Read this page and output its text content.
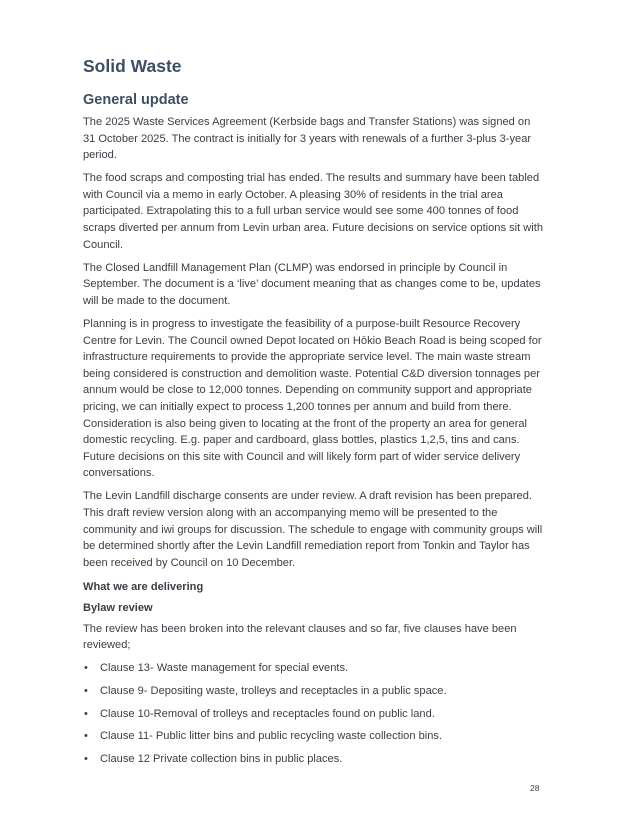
Solid Waste
General update

The 2025 Waste Services Agreement (Kerbside bags and Transfer Stations) was signed on 31 October 2025. The contract is initially for 3 years with renewals of a further 3-plus 3-year period.

The food scraps and composting trial has ended. The results and summary have been tabled with Council via a memo in early October. A pleasing 30% of residents in the trial area participated. Extrapolating this to a full urban service would see some 400 tonnes of food scraps diverted per annum from Levin urban area. Future decisions on service options sit with Council.

The Closed Landfill Management Plan (CLMP) was endorsed in principle by Council in September. The document is a ‘live’ document meaning that as changes come to be, updates will be made to the document.

Planning is in progress to investigate the feasibility of a purpose-built Resource Recovery Centre for Levin. The Council owned Depot located on Hōkio Beach Road is being scoped for infrastructure requirements to provide the appropriate service level. The main waste stream being considered is construction and demolition waste. Potential C&D diversion tonnages per annum would be close to 12,000 tonnes. Depending on community support and appropriate pricing, we can initially expect to process 1,200 tonnes per annum and build from there. Consideration is also being given to locating at the front of the property an area for general domestic recycling. E.g. paper and cardboard, glass bottles, plastics 1,2,5, tins and cans. Future decisions on this site with Council and will likely form part of wider service delivery conversations.

The Levin Landfill discharge consents are under review. A draft revision has been prepared. This draft review version along with an accompanying memo will be presented to the community and iwi groups for discussion. The schedule to engage with community groups will be determined shortly after the Levin Landfill remediation report from Tonkin and Taylor has been received by Council on 10 December.

What we are delivering
Bylaw review

The review has been broken into the relevant clauses and so far, five clauses have been reviewed;

• Clause 13- Waste management for special events.
• Clause 9- Depositing waste, trolleys and receptacles in a public space.
• Clause 10-Removal of trolleys and receptacles found on public land.
• Clause 11- Public litter bins and public recycling waste collection bins.
• Clause 12 Private collection bins in public places.
28
